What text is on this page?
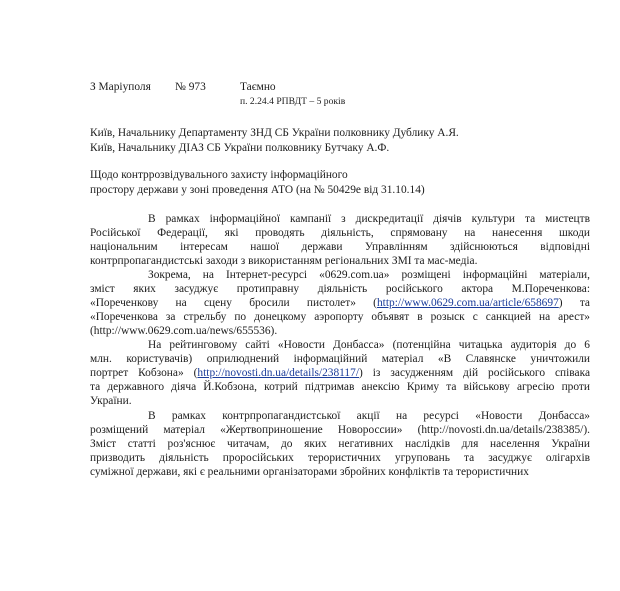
З Маріуполя № 973	Таємно
п. 2.24.4 РПВДТ – 5 років
Київ, Начальнику Департаменту ЗНД СБ України полковнику Дублику А.Я.
Київ, Начальнику ДІАЗ СБ України полковнику Бутчаку А.Ф.
Щодо контррозвідувального захисту інформаційного
простору держави у зоні проведення АТО (на № 50429е від 31.10.14)
В рамках інформаційної кампанії з дискредитації діячів культури та мистецтв
Російської Федерації, які проводять діяльність, спрямовану на нанесення шкоди
національним інтересам нашої держави Управлінням здійснюються відповідні
контрпропагандистські заходи з використанням регіональних ЗМІ та мас-медіа.
Зокрема, на Інтернет-ресурсі «0629.com.ua» розміщені інформаційні матеріали,
зміст яких засуджує протиправну діяльність російського актора М.Пореченкова:
«Пореченкову на сцену бросили пистолет» (http://www.0629.com.ua/article/658697) та
«Пореченкова за стрельбу по донецкому аэропорту объявят в розыск с санкцией на арест»
(http://www.0629.com.ua/news/655536).
На рейтинговому сайті «Новости Донбасса» (потенційна читацька аудиторія до 6
млн. користувачів) оприлюднений інформаційний матеріал «В Славянске уничтожили
портрет Кобзона» (http://novosti.dn.ua/details/238117/) із засудженням дій російського співака
та державного діяча Й.Кобзона, котрий підтримав анексію Криму та військову агресію проти
України.
В рамках контрпропагандистської акції на ресурсі «Новости Донбасса»
розміщений матеріал «Жертвоприношение Новороссии» (http://novosti.dn.ua/details/238385/).
Зміст статті роз'яснює читачам, до яких негативних наслідків для населення України
призводить діяльність проросійських терористичних угруповань та засуджує олігархів
суміжної держави, які є реальними організаторами збройних конфліктів та терористичних
